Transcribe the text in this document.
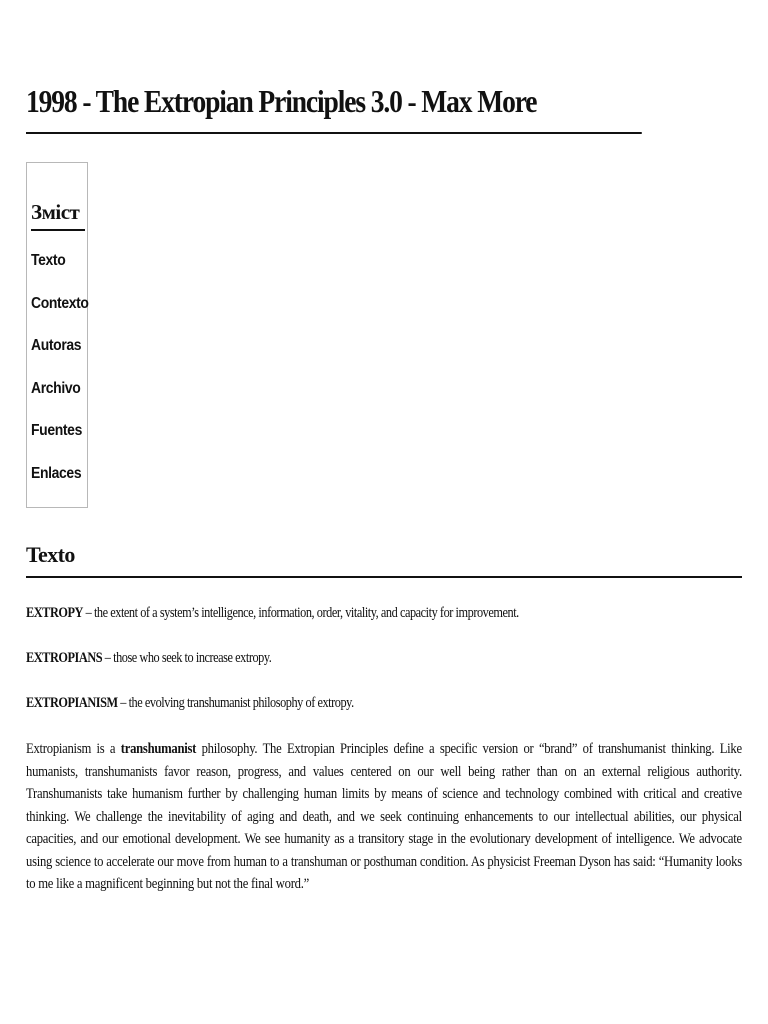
1998 - The Extropian Principles 3.0 - Max More
Зміст
Texto
Contexto
Autoras
Archivo
Fuentes
Enlaces
Texto

EXTROPY – the extent of a system’s intelligence, information, order, vitality, and capacity for improvement.

EXTROPIANS – those who seek to increase extropy.

EXTROPIANISM – the evolving transhumanist philosophy of extropy.

Extropianism is a transhumanist philosophy. The Extropian Principles define a specific version or “brand” of transhumanist thinking. Like humanists, transhumanists favor reason, progress, and values centered on our well being rather than on an external religious authority. Transhumanists take humanism further by challenging human limits by means of science and technology combined with critical and creative thinking. We challenge the inevitability of aging and death, and we seek continuing enhancements to our intellectual abilities, our physical capacities, and our emotional development. We see humanity as a transitory stage in the evolutionary development of intelligence. We advocate using science to accelerate our move from human to a transhuman or posthuman condition. As physicist Freeman Dyson has said: “Humanity looks to me like a magnificent beginning but not the final word.”
